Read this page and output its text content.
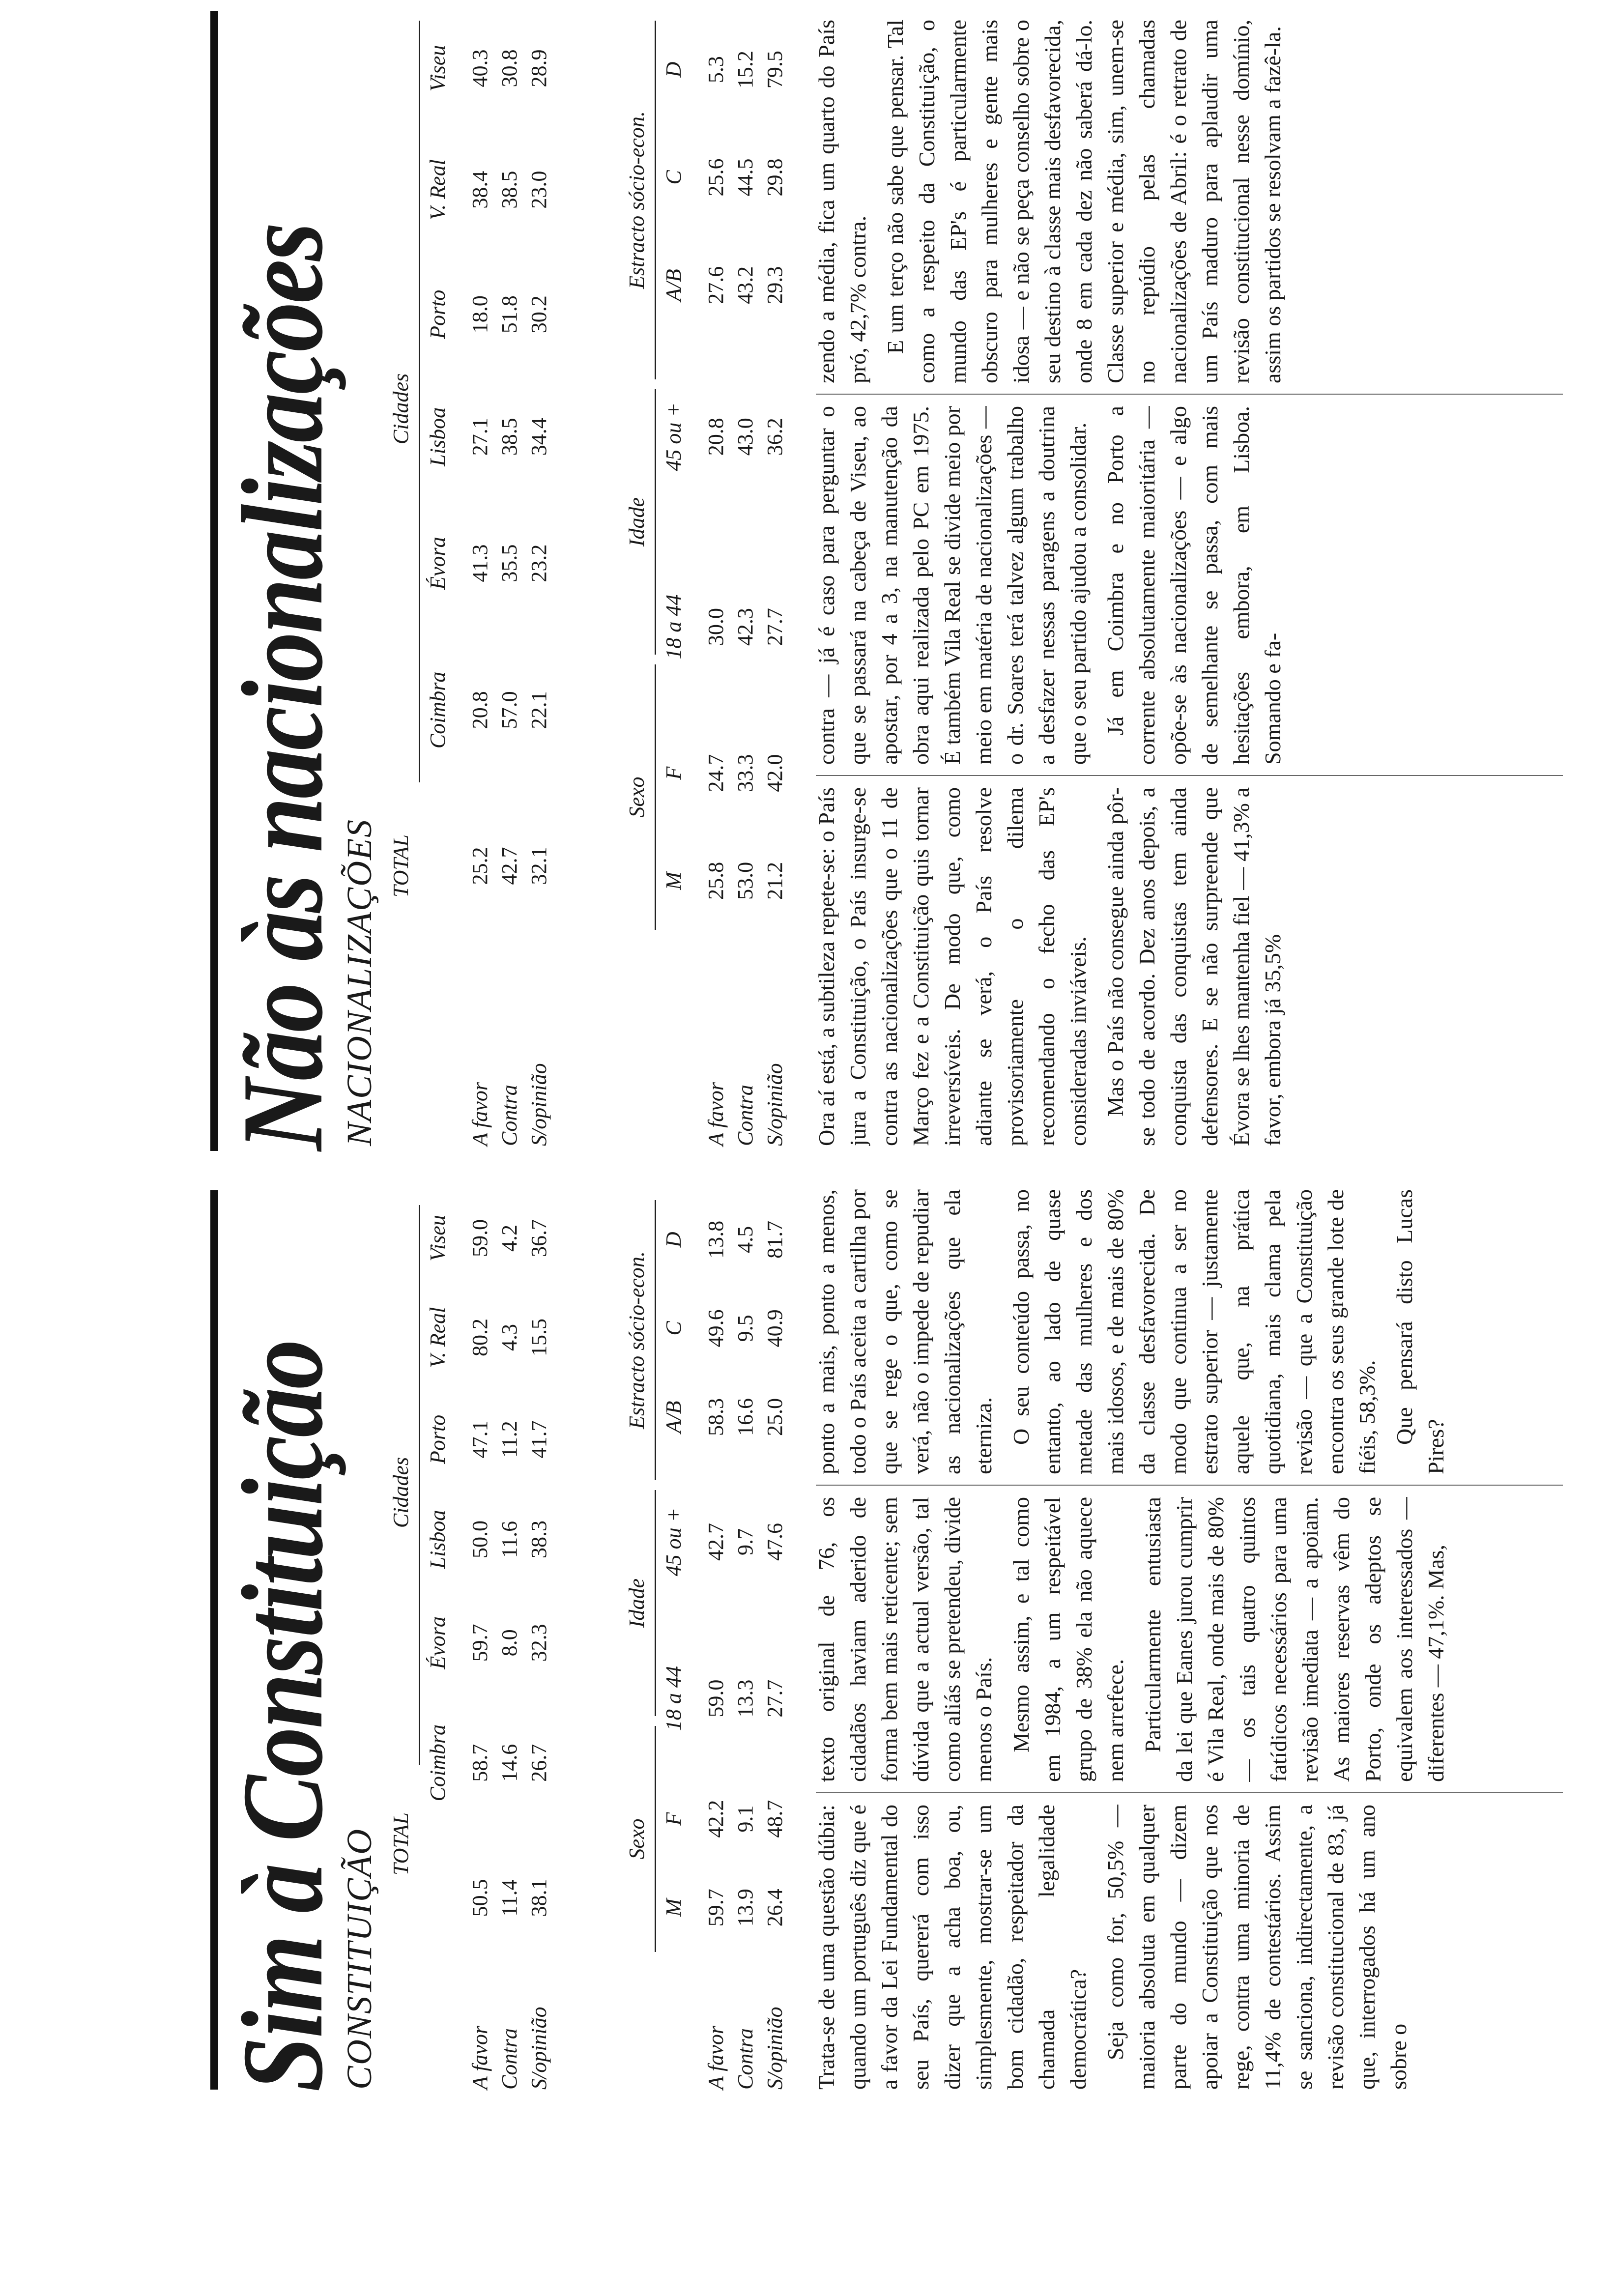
Sim à Constituição
CONSTITUIÇÃO TOTAL
Cidades
		Coimbra	Évora	Lisboa	Porto	V. Real	Viseu

A favor	50.5	58.7	59.7	50.0	47.1	80.2	59.0
Contra	11.4	14.6	8.0	11.6	11.2	4.3	4.2
S/opinião	38.1	26.7	32.3	38.3	41.7	15.5	36.7
Sexo
Idade
Estracto sócio-econ.
	M	F	18 a 44	45 ou +	A/B	C	D

A favor	59.7	42.2	59.0	42.7	58.3	49.6	13.8
Contra	13.9	9.1	13.3	9.7	16.6	9.5	4.5
S/opinião	26.4	48.7	27.7	47.6	25.0	40.9	81.7

Trata-se de uma questão dúbia: quando um português diz que é a favor da Lei Fundamental do seu País, quererá com isso dizer que a acha boa, ou, simplesmente, mostrar-se um bom cidadão, respeitador da chamada legalidade democrática? Seja como for, 50,5% — maioria absoluta em qualquer parte do mundo — dizem apoiar a Constituição que nos rege, contra uma minoria de 11,4% de contestários. Assim se sanciona, indirectamente, a revisão constitucional de 83, já que, interrogados há um ano sobre o

texto original de 76, os cidadãos haviam aderido de forma bem mais reticente; sem dúvida que a actual versão, tal como aliás se pretendeu, divide menos o País. Mesmo assim, e tal como em 1984, a um respeitável grupo de 38% ela não aquece nem arrefece. Particularmente entusiasta da lei que Eanes jurou cumprir é Vila Real, onde mais de 80% — os tais quatro quintos fatídicos necessários para uma revisão imediata — a apoiam. As maiores reservas vêm do Porto, onde os adeptos se equivalem aos interessados — diferentes — 47,1%. Mas,

ponto a mais, ponto a menos, todo o País aceita a cartilha por que se rege o que, como se verá, não o impede de repudiar as nacionalizações que ela eterniza. O seu conteúdo passa, no entanto, ao lado de quase metade das mulheres e dos mais idosos, e de mais de 80% da classe desfavorecida. De modo que continua a ser no estrato superior — justamente aquele que, na prática quotidiana, mais clama pela revisão — que a Constituição encontra os seus grande lote de fiéis, 58,3%. Que pensará disto Lucas Pires?

Não às nacionalizações
NACIONALIZAÇÕES TOTAL
Cidades
		Coimbra	Évora	Lisboa	Porto	V. Real	Viseu

A favor	25.2	20.8	41.3	27.1	18.0	38.4	40.3
Contra	42.7	57.0	35.5	38.5	51.8	38.5	30.8
S/opinião	32.1	22.1	23.2	34.4	30.2	23.0	28.9
Sexo
Idade
Estracto sócio-econ.
	M	F	18 a 44	45 ou +	A/B	C	D

A favor	25.8	24.7	30.0	20.8	27.6	25.6	5.3
Contra	53.0	33.3	42.3	43.0	43.2	44.5	15.2
S/opinião	21.2	42.0	27.7	36.2	29.3	29.8	79.5

Ora aí está, a subtileza repete-se: o País jura a Constituição, o País insurge-se contra as nacionalizações que o 11 de Março fez e a Constituição quis tornar irreversíveis. De modo que, como adiante se verá, o País resolve provisoriamente o dilema recomendando o fecho das EP's consideradas inviáveis. Mas o País não consegue ainda pôr-se todo de acordo. Dez anos depois, a conquista das conquistas tem ainda defensores. E se não surpreende que Évora se lhes mantenha fiel — 41,3% a favor, embora já 35,5%

contra — já é caso para perguntar o que se passará na cabeça de Viseu, ao apostar, por 4 a 3, na manutenção da obra aqui realizada pelo PC em 1975. É também Vila Real se divide meio por meio em matéria de nacionalizações — o dr. Soares terá talvez algum trabalho a desfazer nessas paragens a doutrina que o seu partido ajudou a consolidar. Já em Coimbra e no Porto a corrente absolutamente maioritária — opõe-se às nacionalizações — e algo de semelhante se passa, com mais hesitações embora, em Lisboa. Somando e fa-

zendo a média, fica um quarto do País pró, 42,7% contra. E um terço não sabe que pensar. Tal como a respeito da Constituição, o mundo das EP's é particularmente obscuro para mulheres e gente mais idosa — e não se peça conselho sobre o seu destino à classe mais desfavorecida, onde 8 em cada dez não saberá dá-lo. Classe superior e média, sim, unem-se no repúdio pelas chamadas nacionalizações de Abril: é o retrato de um País maduro para aplaudir uma revisão constitucional nesse domínio, assim os partidos se resolvam a fazê-la.
